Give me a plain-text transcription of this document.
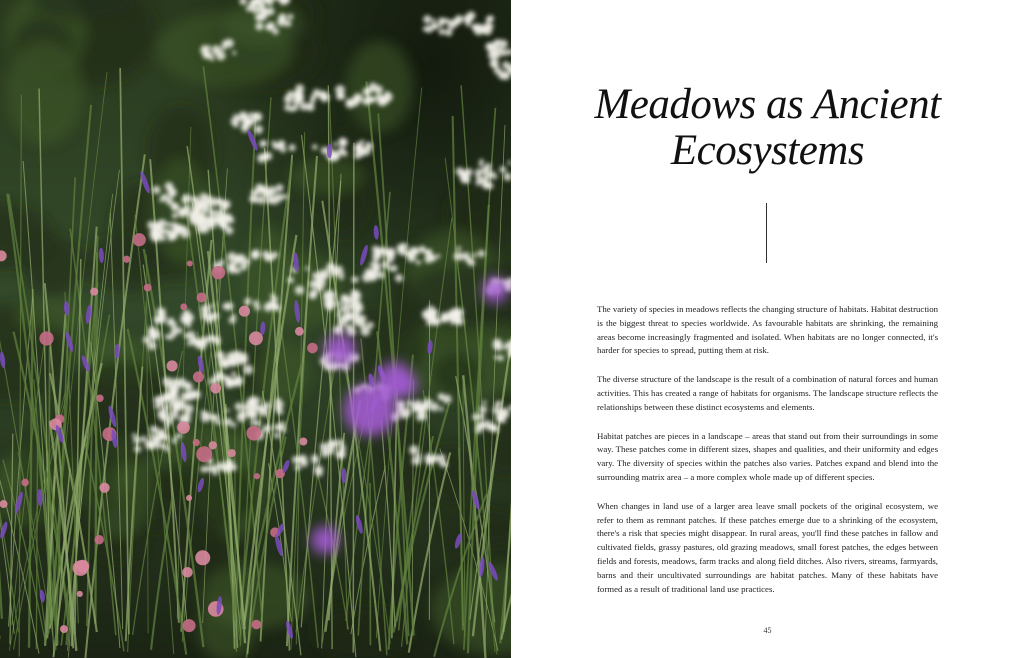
Meadows as Ancient Ecosystems

The variety of species in meadows reflects the changing structure of habitats. Habitat destruction is the biggest threat to species worldwide. As favourable habitats are shrinking, the remaining areas become increasingly fragmented and isolated. When habitats are no longer connected, it's harder for species to spread, putting them at risk.

The diverse structure of the landscape is the result of a combination of natural forces and human activities. This has created a range of habitats for organisms. The landscape structure reflects the relationships between these distinct ecosystems and elements.

Habitat patches are pieces in a landscape – areas that stand out from their surroundings in some way. These patches come in different sizes, shapes and qualities, and their uniformity and edges vary. The diversity of species within the patches also varies. Patches expand and blend into the surrounding matrix area – a more complex whole made up of different species.

When changes in land use of a larger area leave small pockets of the original ecosystem, we refer to them as remnant patches. If these patches emerge due to a shrinking of the ecosystem, there's a risk that species might disappear. In rural areas, you'll find these patches in fallow and cultivated fields, grassy pastures, old grazing meadows, small forest patches, the edges between fields and forests, meadows, farm tracks and along field ditches. Also rivers, streams, farmyards, barns and their uncultivated surroundings are habitat patches. Many of these habitats have formed as a result of traditional land use practices.

45
